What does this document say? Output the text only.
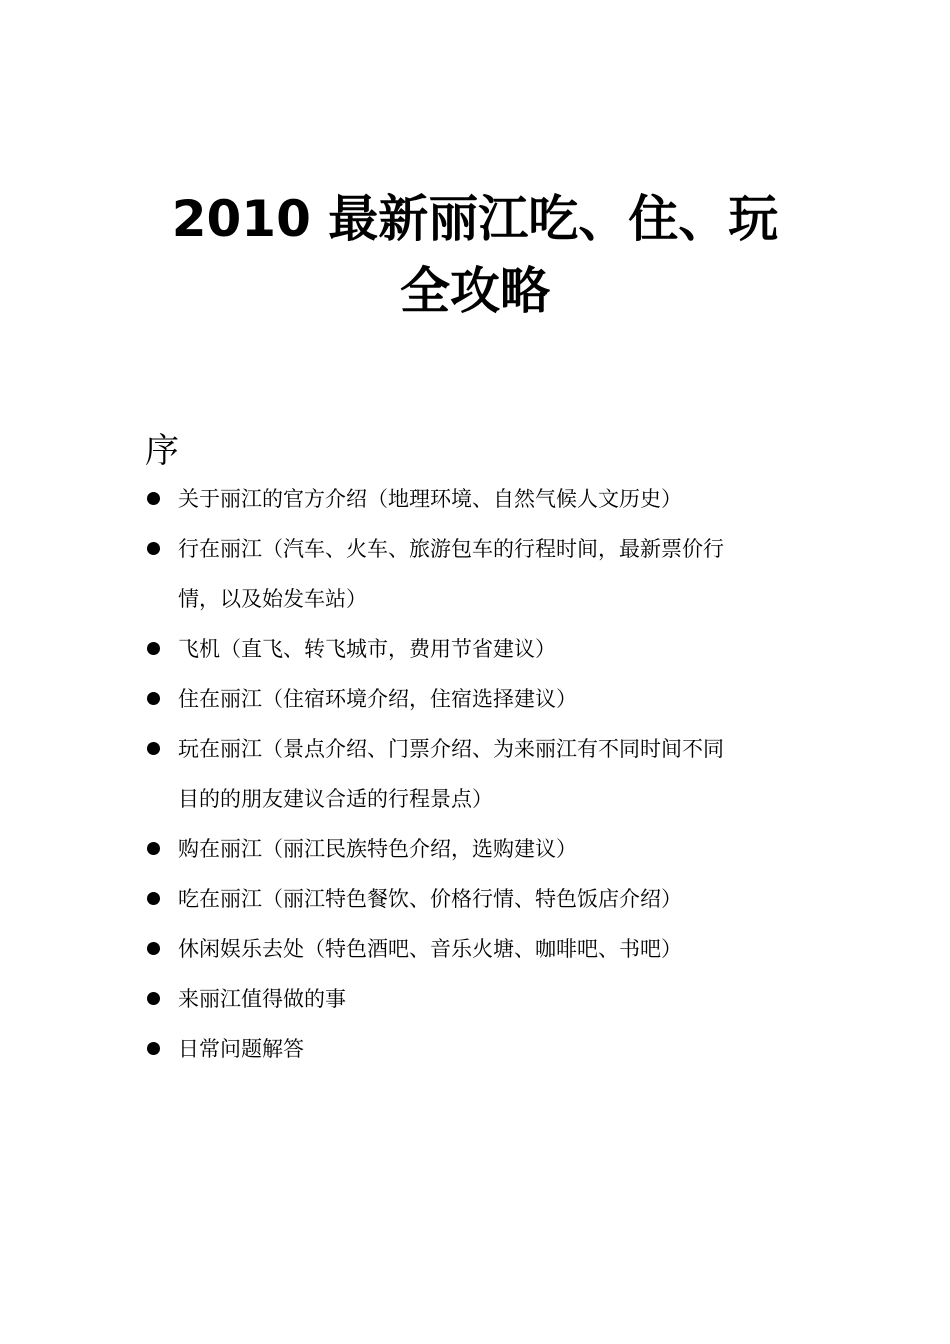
2010 最新丽江吃、住、玩
全攻略
序
关于丽江的官方介绍（地理环境、自然气候人文历史）
行在丽江（汽车、火车、旅游包车的行程时间，最新票价行
情，以及始发车站）
飞机（直飞、转飞城市，费用节省建议）
住在丽江（住宿环境介绍，住宿选择建议）
玩在丽江（景点介绍、门票介绍、为来丽江有不同时间不同
目的的朋友建议合适的行程景点）
购在丽江（丽江民族特色介绍，选购建议）
吃在丽江（丽江特色餐饮、价格行情、特色饭店介绍）
休闲娱乐去处（特色酒吧、音乐火塘、咖啡吧、书吧）
来丽江值得做的事
日常问题解答
